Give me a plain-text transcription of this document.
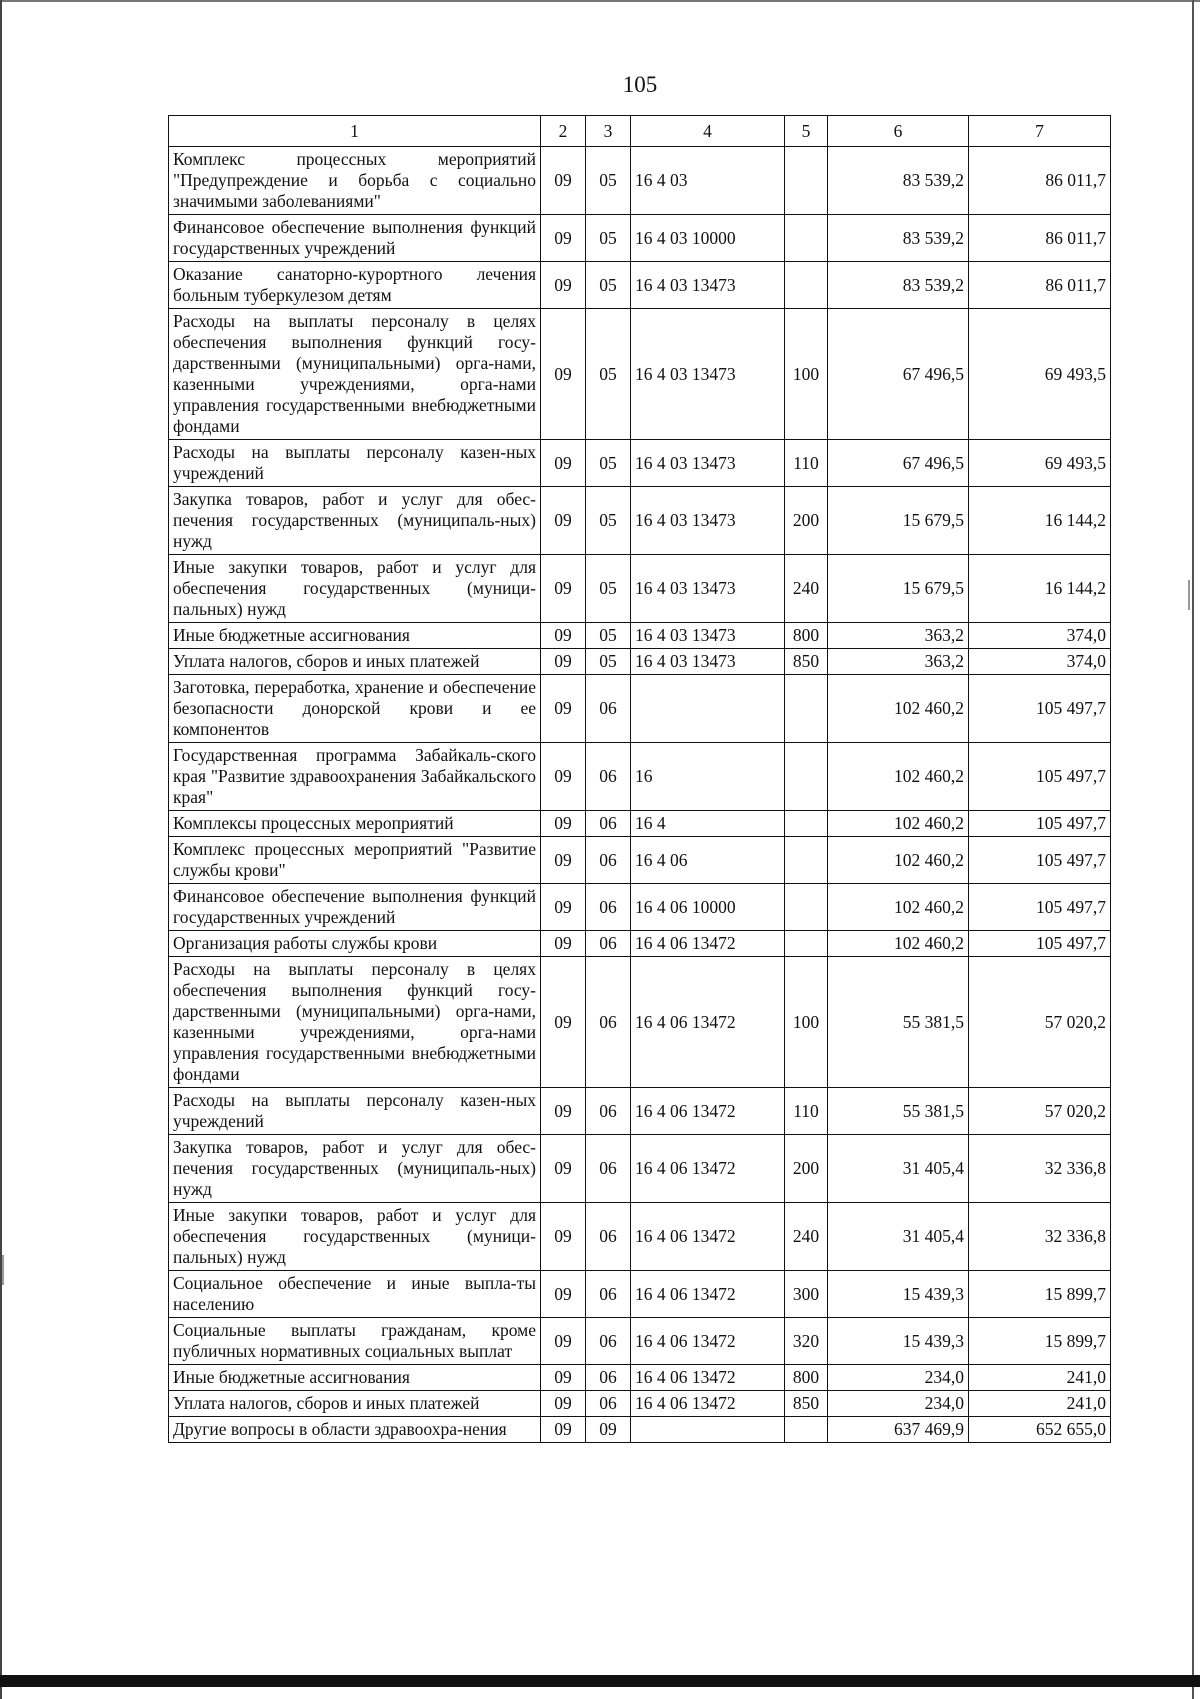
105
1	2	3	4	5	6	7
Комплекс процессных мероприятий "Предупреждение и борьба с социально значимыми заболеваниями"	09	05	16 4 03		83 539,2	86 011,7
Финансовое обеспечение выполнения функций государственных учреждений	09	05	16 4 03 10000		83 539,2	86 011,7
Оказание санаторно-курортного лечения больным туберкулезом детям	09	05	16 4 03 13473		83 539,2	86 011,7
Расходы на выплаты персоналу в целях обеспечения выполнения функций госу-дарственными (муниципальными) орга-нами, казенными учреждениями, орга-нами управления государственными внебюджетными фондами	09	05	16 4 03 13473	100	67 496,5	69 493,5
Расходы на выплаты персоналу казен-ных учреждений	09	05	16 4 03 13473	110	67 496,5	69 493,5
Закупка товаров, работ и услуг для обес-печения государственных (муниципаль-ных) нужд	09	05	16 4 03 13473	200	15 679,5	16 144,2
Иные закупки товаров, работ и услуг для обеспечения государственных (муници-пальных) нужд	09	05	16 4 03 13473	240	15 679,5	16 144,2
Иные бюджетные ассигнования	09	05	16 4 03 13473	800	363,2	374,0
Уплата налогов, сборов и иных платежей	09	05	16 4 03 13473	850	363,2	374,0
Заготовка, переработка, хранение и обеспечение безопасности донорской крови и ее компонентов	09	06			102 460,2	105 497,7
Государственная программа Забайкаль-ского края "Развитие здравоохранения Забайкальского края"	09	06	16		102 460,2	105 497,7
Комплексы процессных мероприятий	09	06	16 4		102 460,2	105 497,7
Комплекс процессных мероприятий "Развитие службы крови"	09	06	16 4 06		102 460,2	105 497,7
Финансовое обеспечение выполнения функций государственных учреждений	09	06	16 4 06 10000		102 460,2	105 497,7
Организация работы службы крови	09	06	16 4 06 13472		102 460,2	105 497,7
Расходы на выплаты персоналу в целях обеспечения выполнения функций госу-дарственными (муниципальными) орга-нами, казенными учреждениями, орга-нами управления государственными внебюджетными фондами	09	06	16 4 06 13472	100	55 381,5	57 020,2
Расходы на выплаты персоналу казен-ных учреждений	09	06	16 4 06 13472	110	55 381,5	57 020,2
Закупка товаров, работ и услуг для обес-печения государственных (муниципаль-ных) нужд	09	06	16 4 06 13472	200	31 405,4	32 336,8
Иные закупки товаров, работ и услуг для обеспечения государственных (муници-пальных) нужд	09	06	16 4 06 13472	240	31 405,4	32 336,8
Социальное обеспечение и иные выпла-ты населению	09	06	16 4 06 13472	300	15 439,3	15 899,7
Социальные выплаты гражданам, кроме публичных нормативных социальных выплат	09	06	16 4 06 13472	320	15 439,3	15 899,7
Иные бюджетные ассигнования	09	06	16 4 06 13472	800	234,0	241,0
Уплата налогов, сборов и иных платежей	09	06	16 4 06 13472	850	234,0	241,0
Другие вопросы в области здравоохра-нения	09	09			637 469,9	652 655,0
